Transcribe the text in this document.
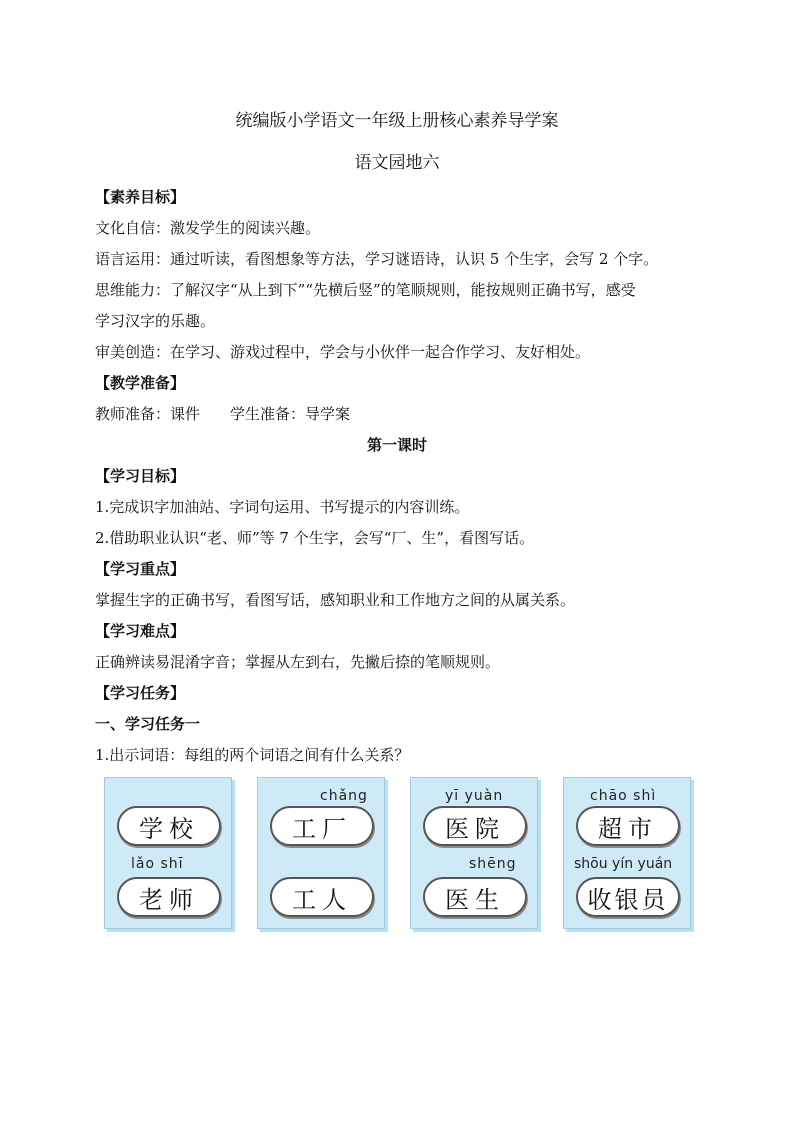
统编版小学语文一年级上册核心素养导学案
语文园地六
【素养目标】
文化自信：激发学生的阅读兴趣。
语言运用：通过听读，看图想象等方法，学习谜语诗，认识 5 个生字，会写 2 个字。
思维能力：了解汉字“从上到下”“先横后竖”的笔顺规则，能按规则正确书写，感受
学习汉字的乐趣。
审美创造：在学习、游戏过程中，学会与小伙伴一起合作学习、友好相处。
【教学准备】
教师准备：课件　　学生准备：导学案
第一课时
【学习目标】
1.完成识字加油站、字词句运用、书写提示的内容训练。
2.借助职业认识“老、师”等 7 个生字，会写“厂、生”，看图写话。
【学习重点】
掌握生字的正确书写，看图写话，感知职业和工作地方之间的从属关系。
【学习难点】
正确辨读易混淆字音；掌握从左到右，先撇后捺的笔顺规则。
【学习任务】
一、学习任务一
1.出示词语：每组的两个词语之间有什么关系？
学校
lǎo shī
老师
chǎng
工厂
工人
yī yuàn
医院
shēng
医生
chāo shì
超市
shōu yín yuán
收银员
